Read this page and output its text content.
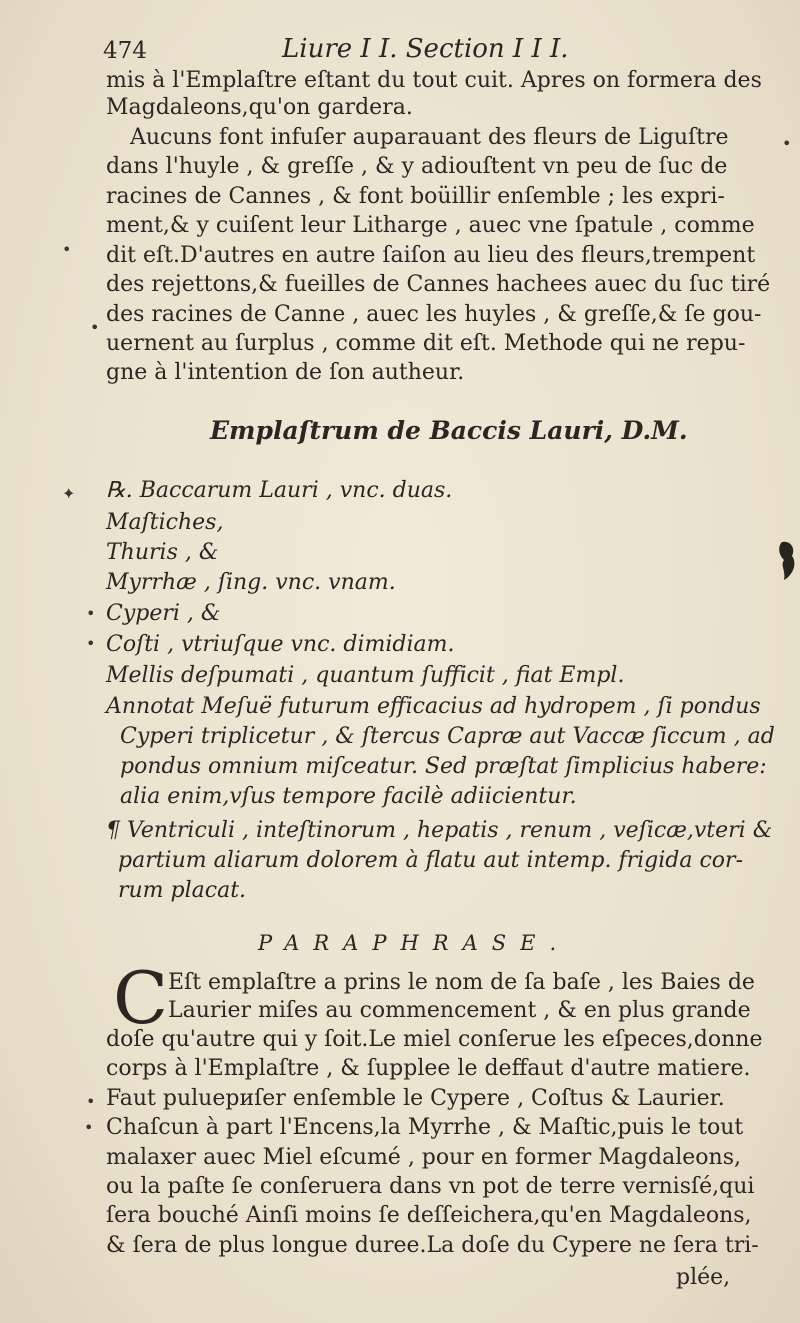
474	Liure I I. Section I I I.
mis à l'Emplaſtre eſtant du tout cuit. Apres on formera des
Magdaleons,qu'on gardera.
Aucuns font infuſer auparauant des fleurs de Liguſtre
dans l'huyle , & greſſe , & y adiouſtent vn peu de ſuc de
racines de Cannes , & font boüillir enſemble ; les expri-
ment,& y cuiſent leur Litharge , auec vne ſpatule , comme
dit eſt.D'autres en autre ſaiſon au lieu des fleurs,trempent
des rejettons,& fueilles de Cannes hachees auec du ſuc tiré
des racines de Canne , auec les huyles , & greſſe,& ſe gou-
uernent au ſurplus , comme dit eſt. Methode qui ne repu-
gne à l'intention de ſon autheur.
Emplaſtrum de Baccis Lauri, D.M.
℞. Baccarum Lauri , vnc. duas.
Maſtiches,
Thuris , &
Myrrhæ , ſing. vnc. vnam.
Cyperi , &
Coſti , vtriuſque vnc. dimidiam.
Mellis deſpumati , quantum ſufficit , fiat Empl.
Annotat Meſuë futurum efficacius ad hydropem , ſi pondus
Cyperi triplicetur , & ſtercus Capræ aut Vaccæ ſiccum , ad
pondus omnium miſceatur. Sed præſtat ſimplicius habere:
alia enim,vſus tempore facilè adiicientur.
¶ Ventriculi , inteſtinorum , hepatis , renum , veſicæ,vteri &
partium aliarum dolorem à flatu aut intemp. frigida cor-
rum placat.
PARAPHRASE.
C Eſt emplaſtre a prins le nom de ſa baſe , les Baies de
Laurier miſes au commencement , & en plus grande
doſe qu'autre qui y ſoit.Le miel conſerue les eſpeces,donne
corps à l'Emplaſtre , & ſupplee le deffaut d'autre matiere.
Faut puluериſer enſemble le Cypere , Coſtus & Laurier.
Chaſcun à part l'Encens,la Myrrhe , & Maſtic,puis le tout
malaxer auec Miel eſcumé , pour en former Magdaleons,
ou la paſte ſe conſeruera dans vn pot de terre vernisſé,qui
ſera bouché Ainſi moins ſe deſſeichera,qu'en Magdaleons,
& ſera de plus longue duree.La doſe du Cypere ne ſera tri-
plée,
✦
•
•
•
•
•
•
•
